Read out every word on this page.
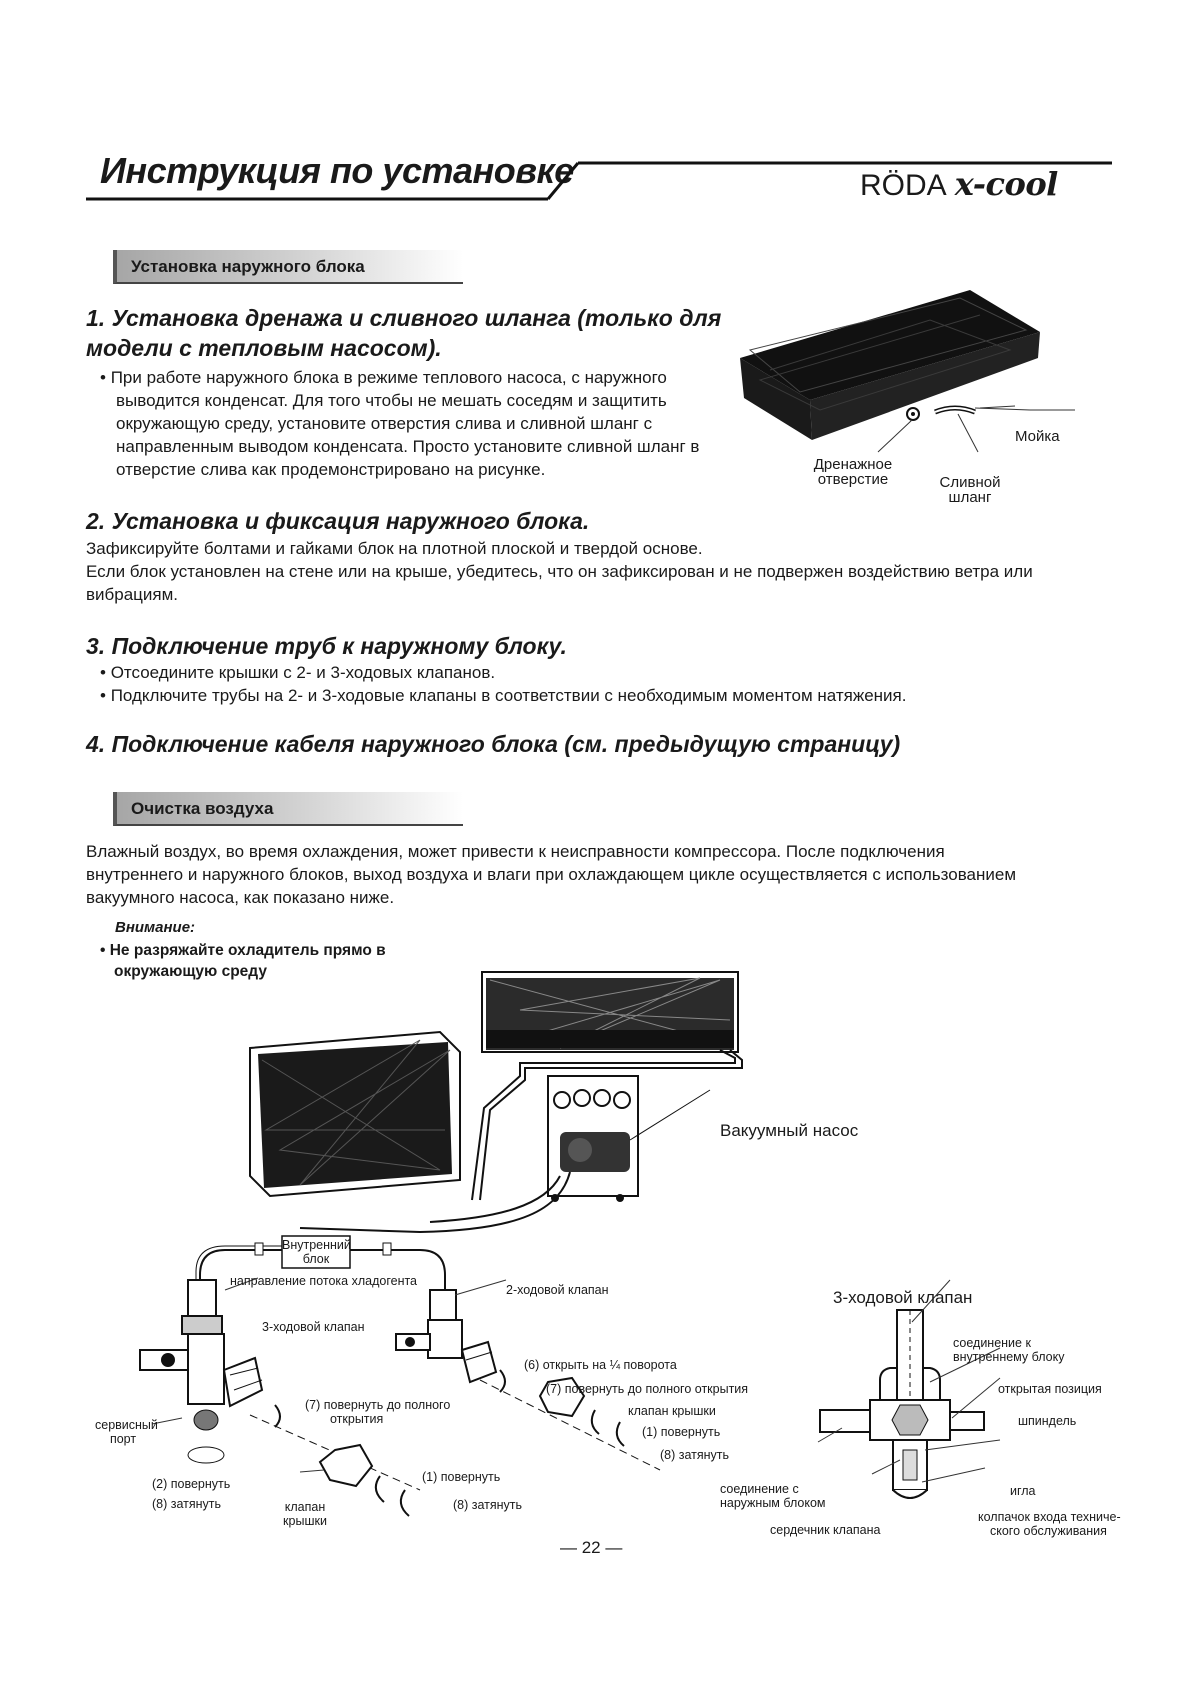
Инструкция по установке	RÖDA x-cool
Установка наружного блока
1. Установка дренажа и сливного шланга (только для
модели с тепловым насосом).
• При работе наружного блока в режиме теплового насоса, с наружного
выводится конденсат. Для того чтобы не мешать соседям и защитить
окружающую среду, установите отверстия слива и сливной шланг с
направленным выводом конденсата. Просто установите сливной шланг в
отверстие слива как продемонстрировано на рисунке.
Мойка
Дренажное
отверстие	Сливной
шланг
2. Установка и фиксация наружного блока.
Зафиксируйте болтами и гайками блок на плотной плоской и твердой основе.
Если блок установлен на стене или на крыше, убедитесь, что он зафиксирован и не подвержен воздействию ветра или
вибрациям.
3. Подключение труб к наружному блоку.
• Отсоедините крышки с 2- и 3-ходовых клапанов.
• Подключите трубы на 2- и 3-ходовые клапаны в соответствии с необходимым моментом натяжения.
4. Подключение кабеля наружного блока (см. предыдущую страницу)
Очистка воздуха
Влажный воздух, во время охлаждения, может привести к неисправности компрессора. После подключения
внутреннего и наружного блоков, выход воздуха и влаги при охлаждающем цикле осуществляется с использованием
вакуумного насоса, как показано ниже.
Внимание:
• Не разряжайте охладитель прямо в
окружающую среду
Вакуумный насос
Внутренний
блок
направление потока хладогента
2-ходовой клапан
3-ходовой клапан
(6) открыть на ¼ поворота
(7) повернуть до полного открытия
клапан крышки
(1) повернуть
(8) затянуть
сервисный
порт
(7) повернуть до полного
открытия
(2) повернуть
(8) затянуть
(1) повернуть
(8) затянуть
клапан
крышки
3-ходовой клапан
соединение к
внутреннему блоку
открытая позиция
шпиндель
соединение с
наружным блоком
игла
сердечник клапана
колпачок входа техниче-
ского обслуживания
— 22 —
